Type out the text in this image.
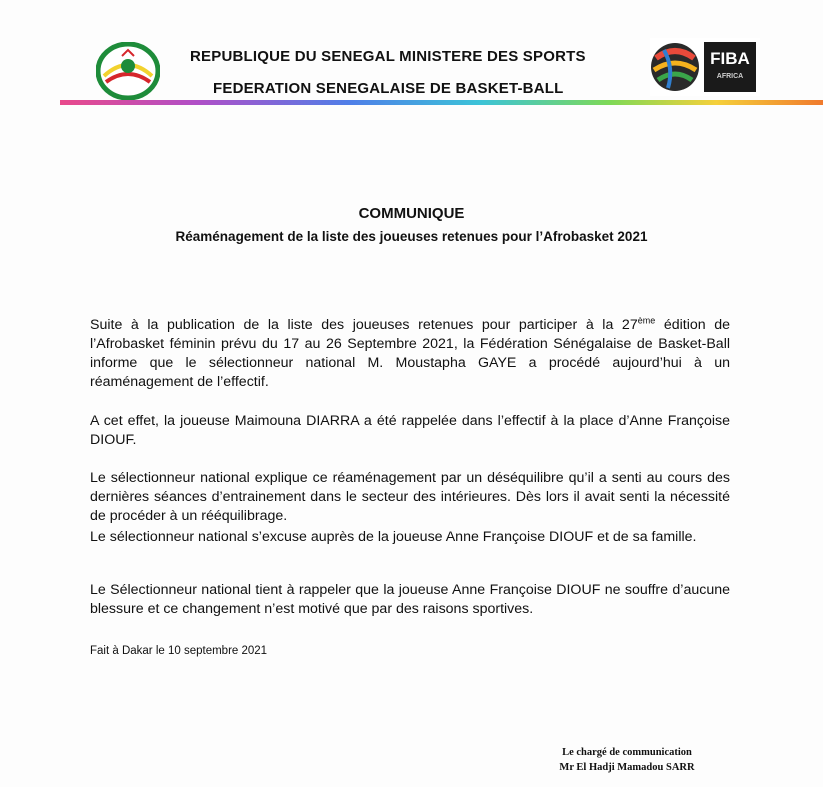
REPUBLIQUE DU SENEGAL MINISTERE DES SPORTS
FEDERATION SENEGALAISE DE BASKET-BALL
FIBA
AFRICA
COMMUNIQUE
Réaménagement de la liste des joueuses retenues pour l’Afrobasket 2021
Suite à la publication de la liste des joueuses retenues pour participer à la 27ème édition de l’Afrobasket féminin prévu du 17 au 26 Septembre 2021, la Fédération Sénégalaise de Basket-Ball informe que le sélectionneur national M. Moustapha GAYE a procédé aujourd’hui à un réaménagement de l’effectif.
A cet effet, la joueuse Maimouna DIARRA a été rappelée dans l’effectif à la place d’Anne Françoise DIOUF.
Le sélectionneur national explique ce réaménagement par un déséquilibre qu’il a senti au cours des dernières séances d’entrainement dans le secteur des intérieures. Dès lors il avait senti la nécessité de procéder à un rééquilibrage.
Le sélectionneur national s’excuse auprès de la joueuse Anne Françoise DIOUF et de sa famille.
Le Sélectionneur national tient à rappeler que la joueuse Anne Françoise DIOUF ne souffre d’aucune blessure et ce changement n’est motivé que par des raisons sportives.
Fait à Dakar le 10 septembre 2021
Le chargé de communication
Mr El Hadji Mamadou SARR
